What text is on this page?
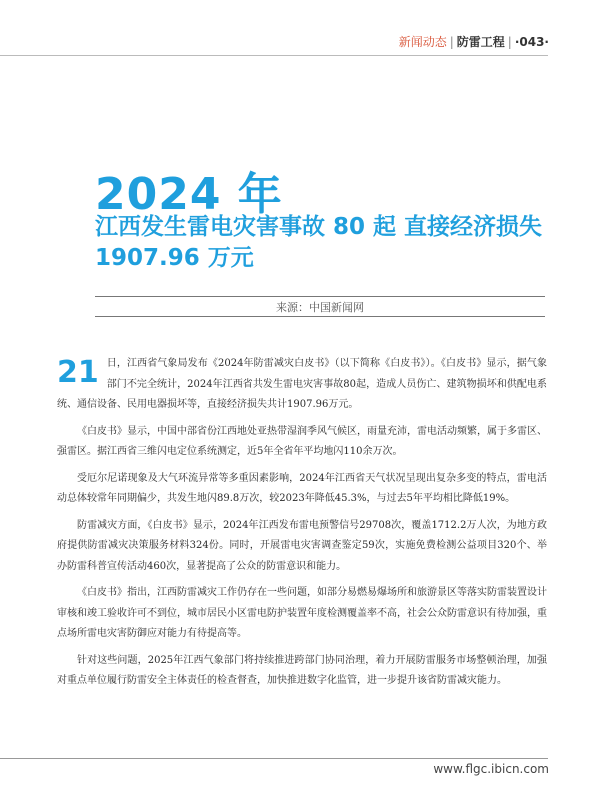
新闻动态 | 防雷工程 | ·043·
2024 年
江西发生雷电灾害事故 80 起 直接经济损失 1907.96 万元
来源：中国新闻网

21 日，江西省气象局发布《2024年防雷减灾白皮书》（以下简称《白皮书》）。《白皮书》显示，据气象部门不完全统计，2024年江西省共发生雷电灾害事故80起，造成人员伤亡、建筑物损坏和供配电系统、通信设备、民用电器损坏等，直接经济损失共计1907.96万元。

《白皮书》显示，中国中部省份江西地处亚热带湿润季风气候区，雨量充沛，雷电活动频繁，属于多雷区、强雷区。据江西省三维闪电定位系统测定，近5年全省年平均地闪110余万次。

受厄尔尼诺现象及大气环流异常等多重因素影响，2024年江西省天气状况呈现出复杂多变的特点，雷电活动总体较常年同期偏少，共发生地闪89.8万次，较2023年降低45.3%，与过去5年平均相比降低19%。

防雷减灾方面，《白皮书》显示，2024年江西发布雷电预警信号29708次，覆盖1712.2万人次，为地方政府提供防雷减灾决策服务材料324份。同时，开展雷电灾害调查鉴定59次，实施免费检测公益项目320个、举办防雷科普宣传活动460次，显著提高了公众的防雷意识和能力。

《白皮书》指出，江西防雷减灾工作仍存在一些问题，如部分易燃易爆场所和旅游景区等落实防雷装置设计审核和竣工验收许可不到位，城市居民小区雷电防护装置年度检测覆盖率不高，社会公众防雷意识有待加强，重点场所雷电灾害防御应对能力有待提高等。

针对这些问题，2025年江西气象部门将持续推进跨部门协同治理，着力开展防雷服务市场整顿治理，加强对重点单位履行防雷安全主体责任的检查督查，加快推进数字化监管，进一步提升该省防雷减灾能力。

www.flgc.ibicn.com
